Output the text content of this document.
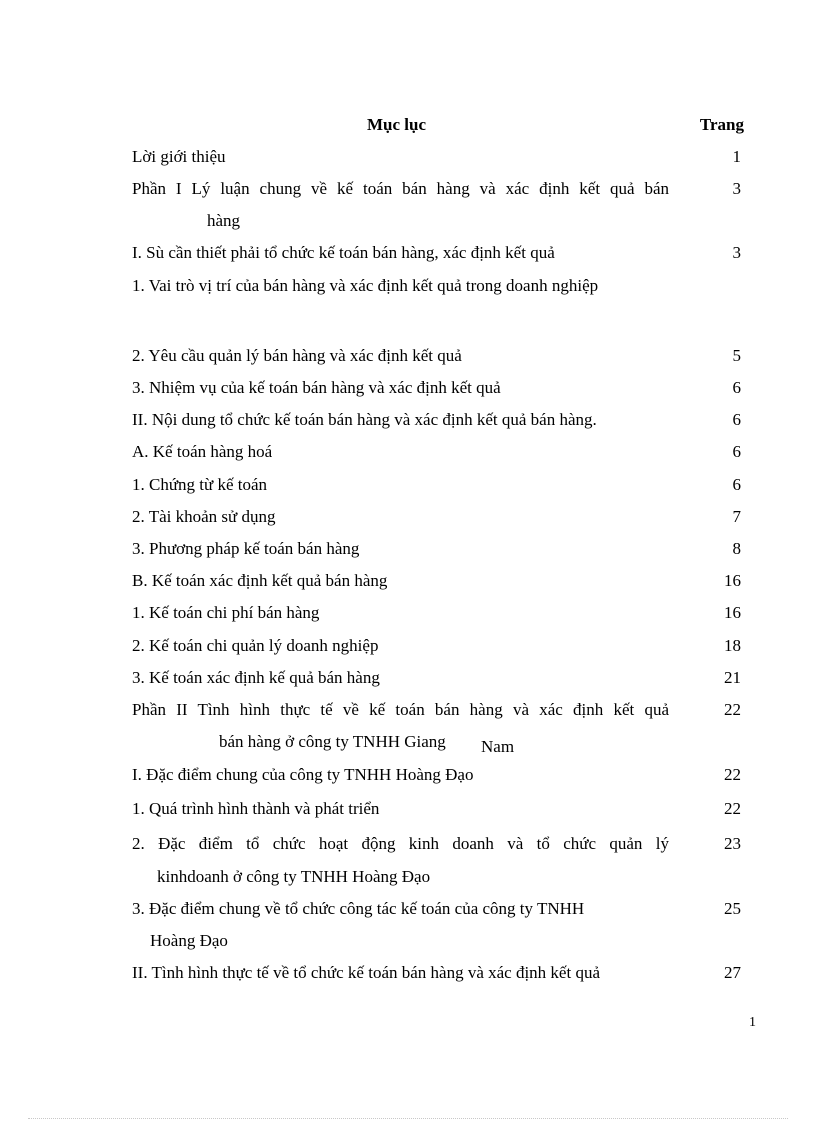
Mục lục	Trang
Lời giới thiệu	1
Phần I Lý luận chung về kế toán bán hàng và xác định kết quả bán	3
hàng
I. Sù cần thiết phải tổ chức kế toán bán hàng, xác định kết quả	3
1. Vai trò vị trí của bán hàng và xác định kết quả trong doanh nghiệp
2. Yêu cầu quản lý bán hàng và xác định kết quả	5
3. Nhiệm vụ của kế toán bán hàng và xác định kết quả	6
II. Nội dung tổ chức kế toán bán hàng và xác định kết quả bán hàng.	6
A. Kế toán hàng hoá	6
1. Chứng từ kế toán	6
2. Tài khoản sử dụng	7
3. Phương pháp kế toán bán hàng	8
B. Kế toán xác định kết quả bán hàng	16
1. Kế toán chi phí bán hàng	16
2. Kế toán chi quản lý doanh nghiệp	18
3. Kế toán xác định kế quả bán hàng	21
Phần II Tình hình thực tế về kế toán bán hàng và xác định kết quả	22
bán hàng ở công ty TNHH Giang Nam
I. Đặc điểm chung của công ty TNHH Hoàng Đạo	22
1. Quá trình hình thành và phát triển	22
2. Đặc điểm tổ chức hoạt động kinh doanh và tổ chức quản lý	23
kinhdoanh ở công ty TNHH Hoàng Đạo
3. Đặc điểm chung về tổ chức công tác kế toán của công ty TNHH	25
Hoàng Đạo
II. Tình hình thực tế về tổ chức kế toán bán hàng và xác định kết quả	27
1
